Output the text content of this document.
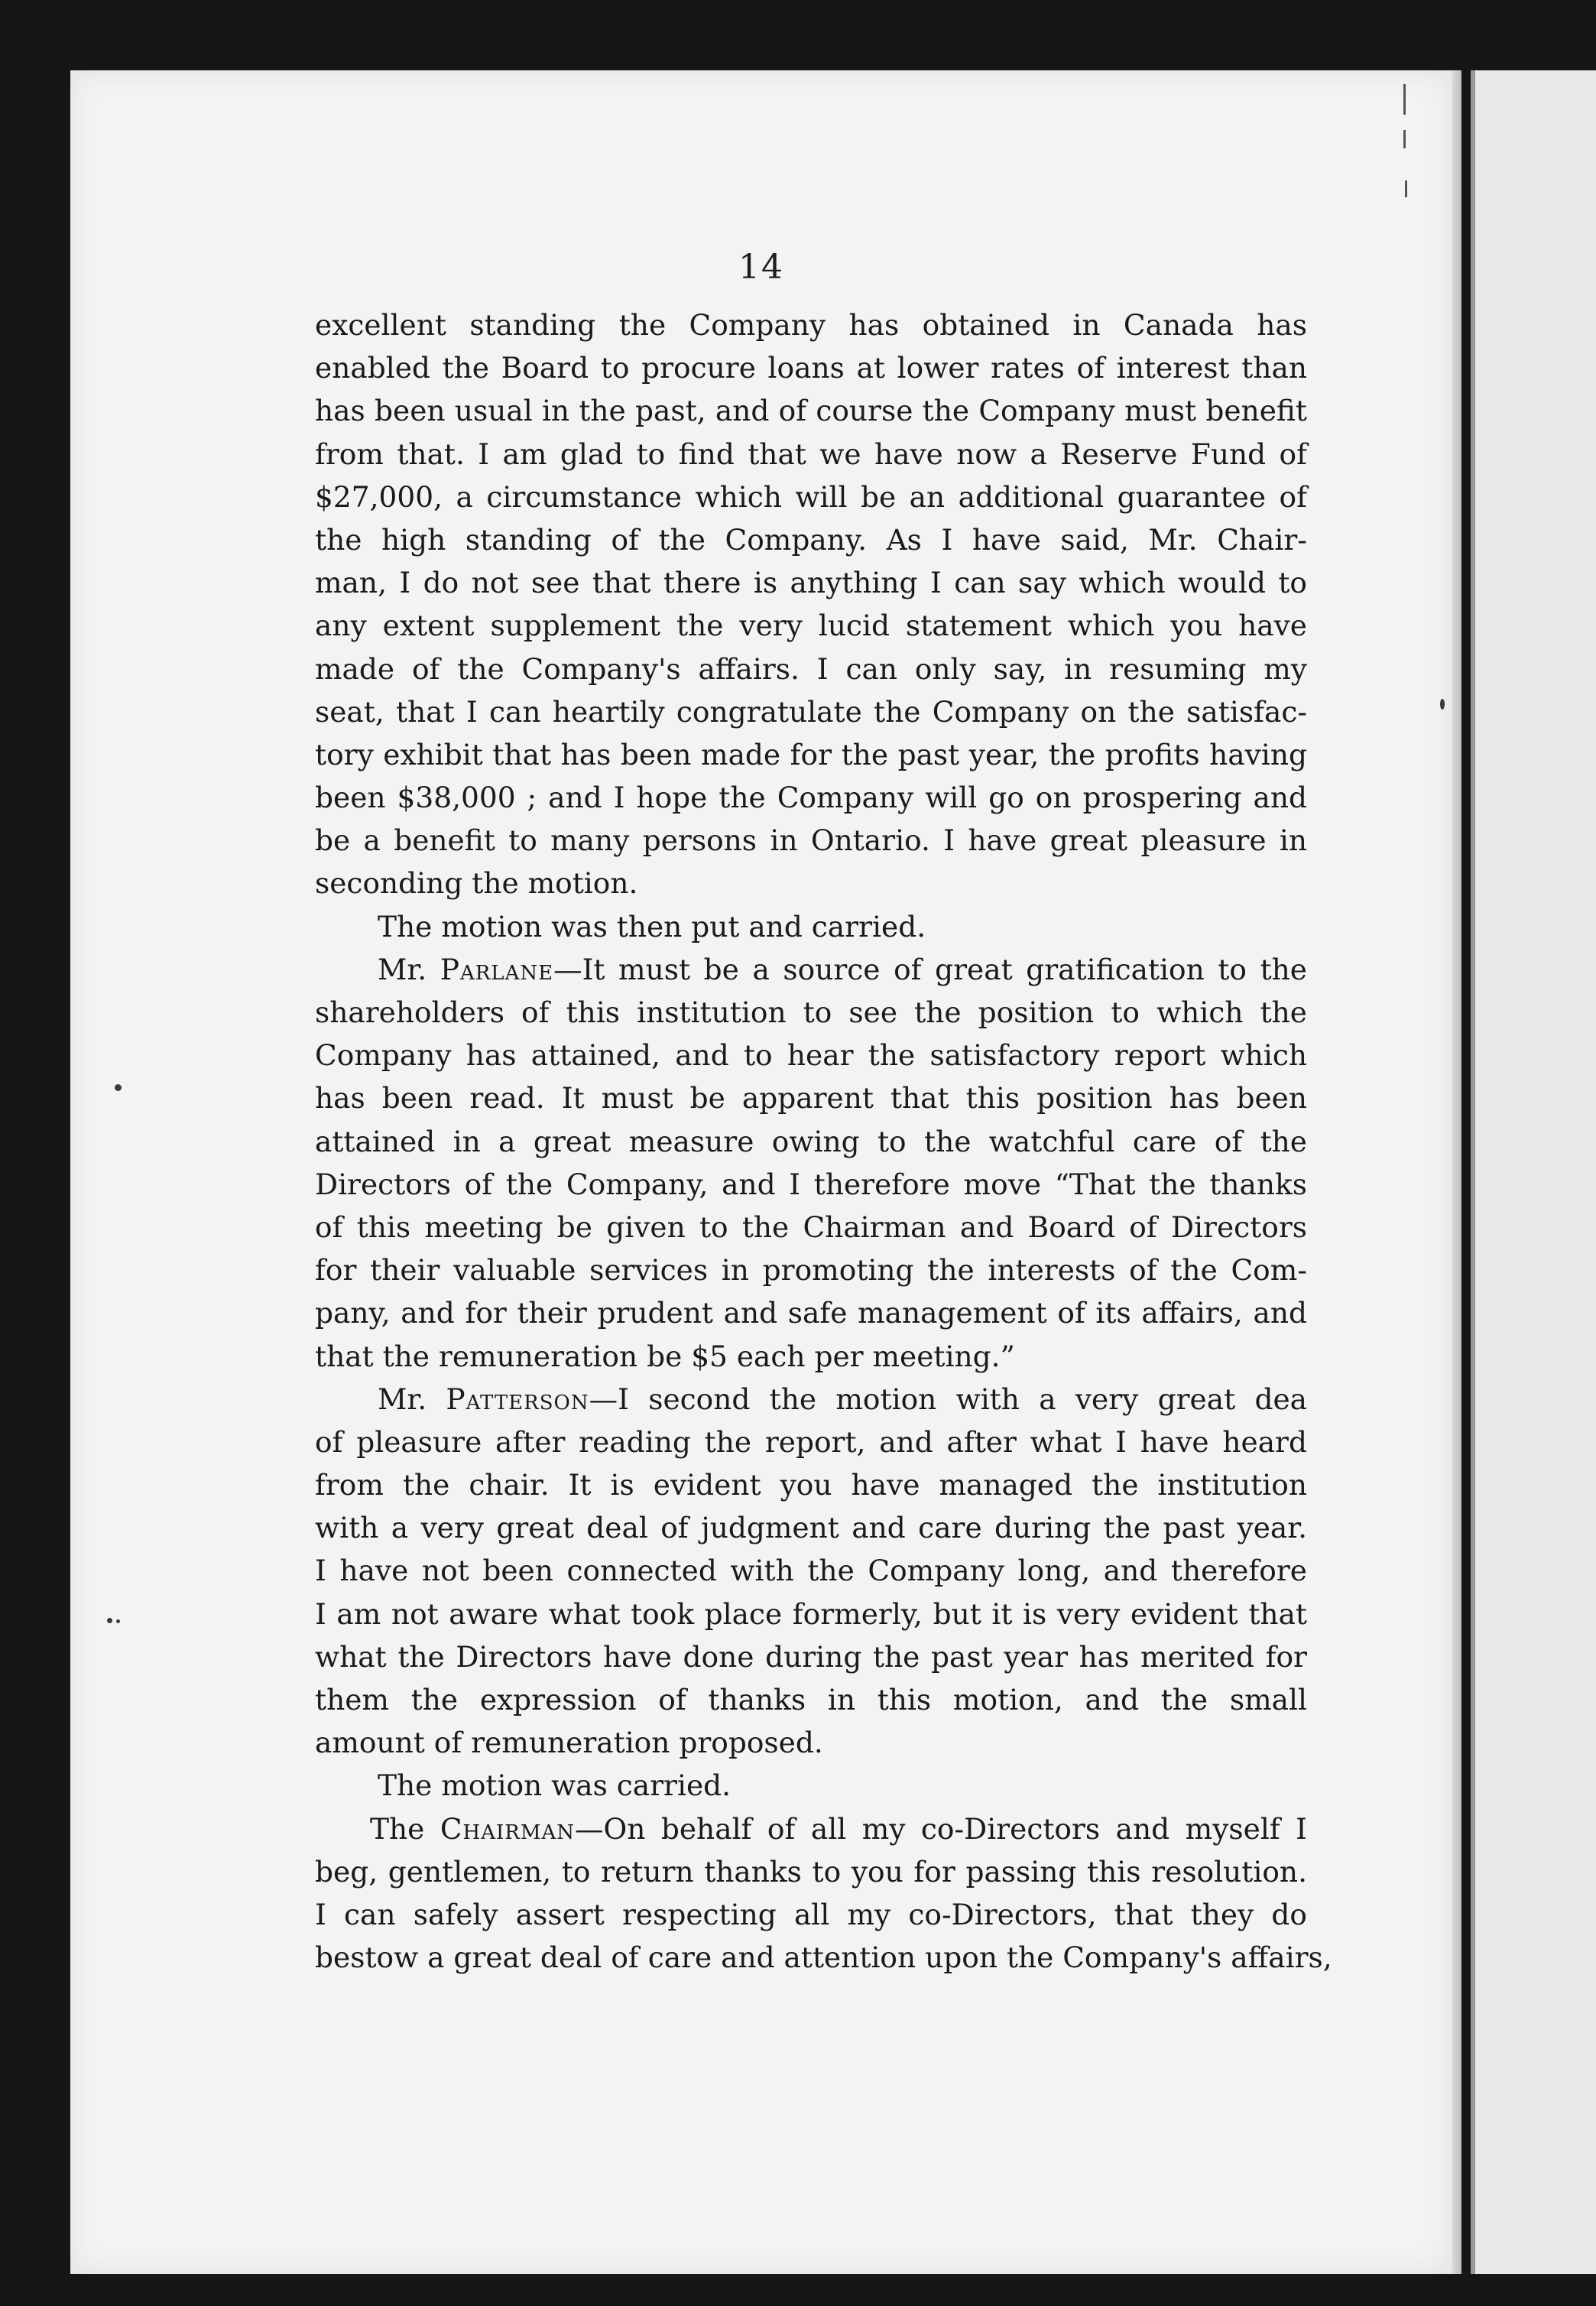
14
excellent standing the Company has obtained in Canada has
enabled the Board to procure loans at lower rates of interest than
has been usual in the past, and of course the Company must benefit
from that. I am glad to find that we have now a Reserve Fund of
$27,000, a circumstance which will be an additional guarantee of
the high standing of the Company. As I have said, Mr. Chair-
man, I do not see that there is anything I can say which would to
any extent supplement the very lucid statement which you have
made of the Company's affairs. I can only say, in resuming my
seat, that I can heartily congratulate the Company on the satisfac-
tory exhibit that has been made for the past year, the profits having
been $38,000 ; and I hope the Company will go on prospering and
be a benefit to many persons in Ontario. I have great pleasure in
seconding the motion.
The motion was then put and carried.
Mr. Parlane—It must be a source of great gratification to the
shareholders of this institution to see the position to which the
Company has attained, and to hear the satisfactory report which
has been read. It must be apparent that this position has been
attained in a great measure owing to the watchful care of the
Directors of the Company, and I therefore move “That the thanks
of this meeting be given to the Chairman and Board of Directors
for their valuable services in promoting the interests of the Com-
pany, and for their prudent and safe management of its affairs, and
that the remuneration be $5 each per meeting.”
Mr. Patterson—I second the motion with a very great dea
of pleasure after reading the report, and after what I have heard
from the chair. It is evident you have managed the institution
with a very great deal of judgment and care during the past year.
I have not been connected with the Company long, and therefore
I am not aware what took place formerly, but it is very evident that
what the Directors have done during the past year has merited for
them the expression of thanks in this motion, and the small
amount of remuneration proposed.
The motion was carried.
The Chairman—On behalf of all my co-Directors and myself I
beg, gentlemen, to return thanks to you for passing this resolution.
I can safely assert respecting all my co-Directors, that they do
bestow a great deal of care and attention upon the Company's affairs,
